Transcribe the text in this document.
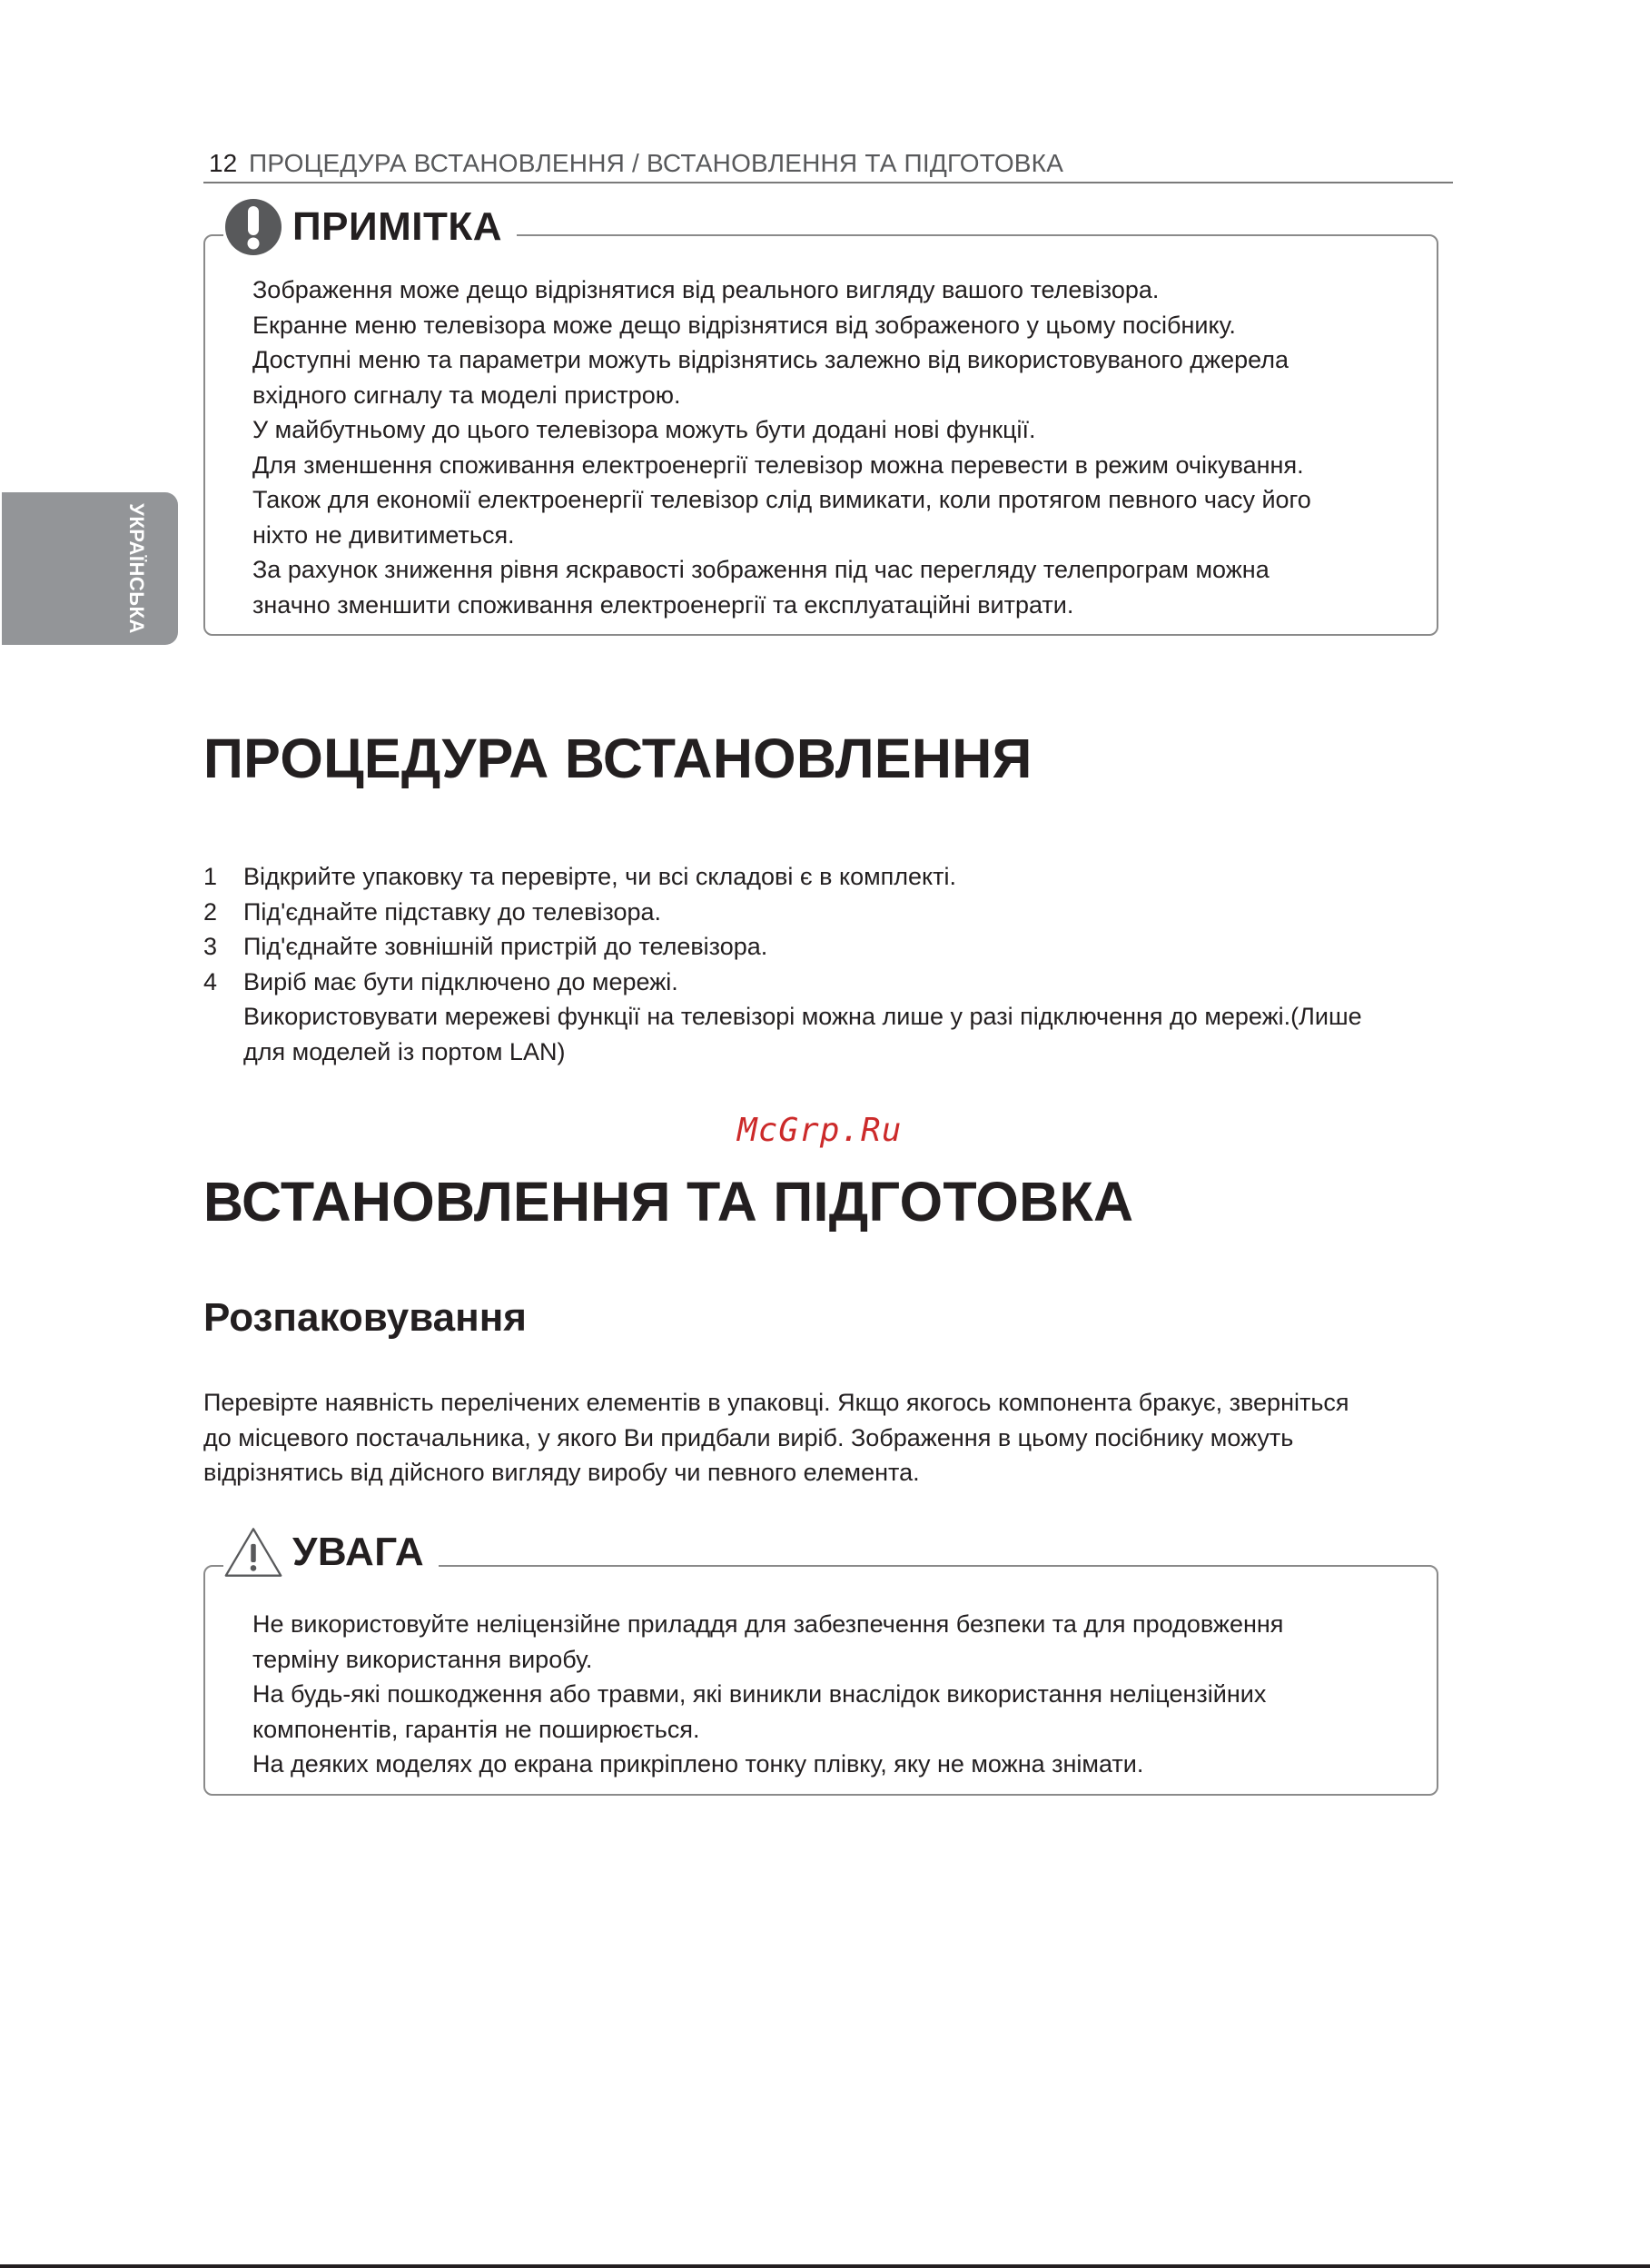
12 ПРОЦЕДУРА ВСТАНОВЛЕННЯ / ВСТАНОВЛЕННЯ ТА ПІДГОТОВКА
УКРАЇНСЬКА
ПРИМІТКА

Зображення може дещо відрізнятися від реального вигляду вашого телевізора.

Екранне меню телевізора може дещо відрізнятися від зображеного у цьому посібнику.

Доступні меню та параметри можуть відрізнятись залежно від використовуваного джерела

вхідного сигналу та моделі пристрою.

У майбутньому до цього телевізора можуть бути додані нові функції.

Для зменшення споживання електроенергії телевізор можна перевести в режим очікування.

Також для економії електроенергії телевізор слід вимикати, коли протягом певного часу його

ніхто не дивитиметься.

За рахунок зниження рівня яскравості зображення під час перегляду телепрограм можна

значно зменшити споживання електроенергії та експлуатаційні витрати.

ПРОЦЕДУРА ВСТАНОВЛЕННЯ
1 Відкрийте упаковку та перевірте, чи всі складові є в комплекті.
2 Під'єднайте підставку до телевізора.
3 Під'єднайте зовнішній пристрій до телевізора.
4 Виріб має бути підключено до мережі.
Використовувати мережеві функції на телевізорі можна лише у разі підключення до мережі.(Лише
для моделей із портом LAN)
McGrp.Ru
ВСТАНОВЛЕННЯ ТА ПІДГОТОВКА
Розпаковування
Перевірте наявність перелічених елементів в упаковці. Якщо якогось компонента бракує, зверніться
до місцевого постачальника, у якого Ви придбали виріб. Зображення в цьому посібнику можуть
відрізнятись від дійсного вигляду виробу чи певного елемента.
УВАГА

Не використовуйте неліцензійне приладдя для забезпечення безпеки та для продовження

терміну використання виробу.

На будь-які пошкодження або травми, які виникли внаслідок використання неліцензійних

компонентів, гарантія не поширюється.

На деяких моделях до екрана прикріплено тонку плівку, яку не можна знімати.
